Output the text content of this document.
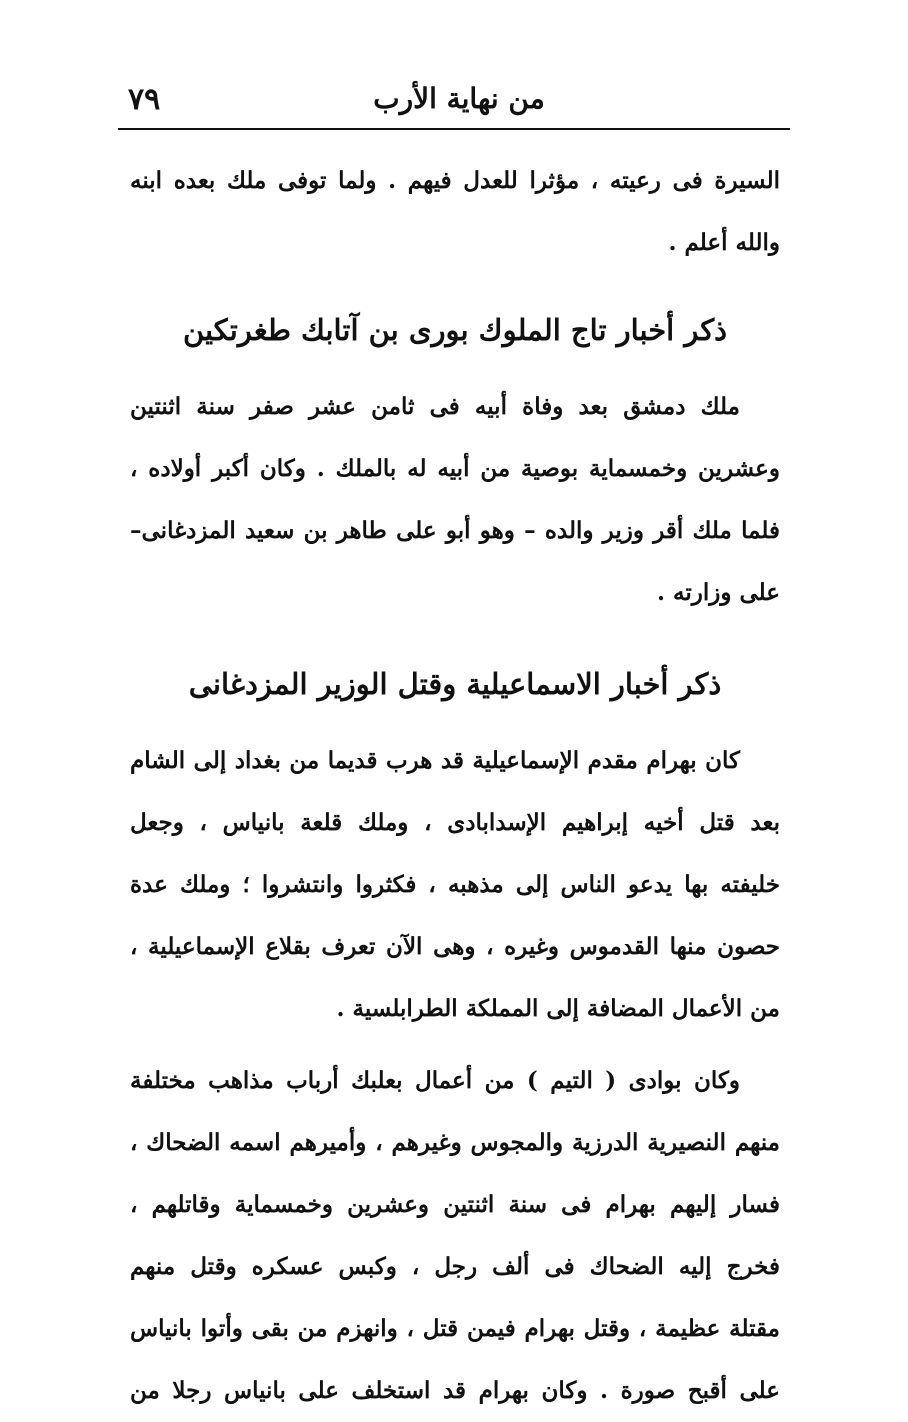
٧٩	من نهاية الأرب
السيرة فى رعيته ، مؤثرا للعدل فيهم . ولما توفى ملك بعده ابنه
والله أعلم .
ذكر أخبار تاج الملوك بورى بن آتابك طغرتكين
ملك دمشق بعد وفاة أبيه فى ثامن عشر صفر سنة اثنتين
وعشرين وخمسماية بوصية من أبيه له بالملك . وكان أكبر أولاده ،
فلما ملك أقر وزير والده – وهو أبو على طاهر بن سعيد المزدغانى–
على وزارته .
ذكر أخبار الاسماعيلية وقتل الوزير المزدغانى
كان بهرام مقدم الإسماعيلية قد هرب قديما من بغداد إلى الشام
بعد قتل أخيه إبراهيم الإسدابادى ، وملك قلعة بانياس ، وجعل
خليفته بها يدعو الناس إلى مذهبه ، فكثروا وانتشروا ؛ وملك عدة
حصون منها القدموس وغيره ، وهى الآن تعرف بقلاع الإسماعيلية ،
من الأعمال المضافة إلى المملكة الطرابلسية .
وكان بوادى ( التيم ) من أعمال بعلبك أرباب مذاهب مختلفة
منهم النصيرية الدرزية والمجوس وغيرهم ، وأميرهم اسمه الضحاك ،
فسار إليهم بهرام فى سنة اثنتين وعشرين وخمسماية وقاتلهم ،
فخرج إليه الضحاك فى ألف رجل ، وكبس عسكره وقتل منهم
مقتلة عظيمة ، وقتل بهرام فيمن قتل ، وانهزم من بقى وأتوا بانياس
على أقبح صورة . وكان بهرام قد استخلف على بانياس رجلا من
